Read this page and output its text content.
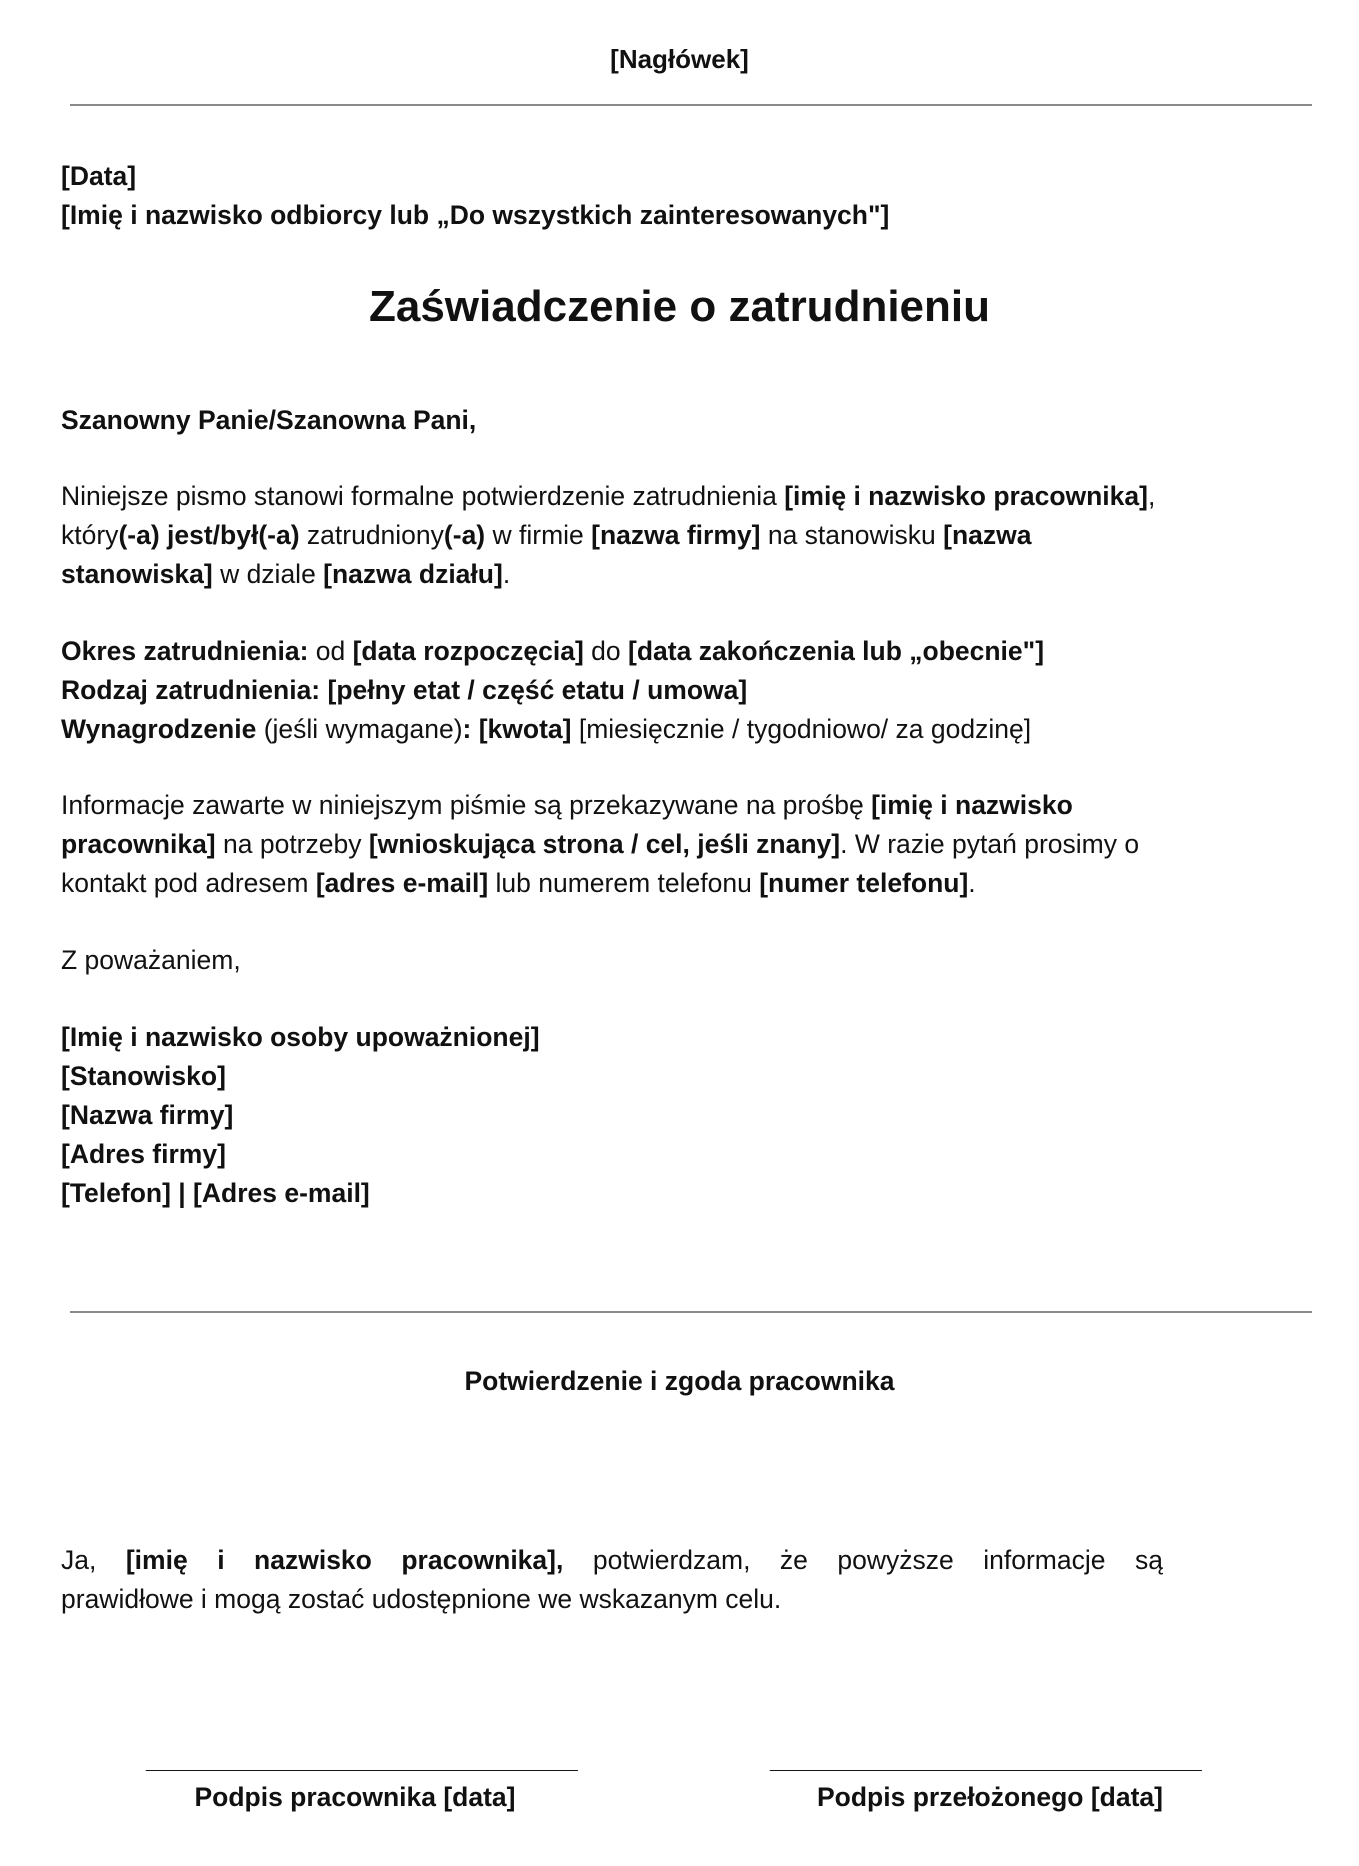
[Nagłówek]

[Data]

[Imię i nazwisko odbiorcy lub „Do wszystkich zainteresowanych"]

Zaświadczenie o zatrudnieniu

Szanowny Panie/Szanowna Pani,

Niniejsze pismo stanowi formalne potwierdzenie zatrudnienia [imię i nazwisko pracownika],

który(-a) jest/był(-a) zatrudniony(-a) w firmie [nazwa firmy] na stanowisku [nazwa

stanowiska] w dziale [nazwa działu].

Okres zatrudnienia: od [data rozpoczęcia] do [data zakończenia lub „obecnie"]

Rodzaj zatrudnienia: [pełny etat / część etatu / umowa]

Wynagrodzenie (jeśli wymagane): [kwota] [miesięcznie / tygodniowo/ za godzinę]

Informacje zawarte w niniejszym piśmie są przekazywane na prośbę [imię i nazwisko

pracownika] na potrzeby [wnioskująca strona / cel, jeśli znany]. W razie pytań prosimy o

kontakt pod adresem [adres e-mail] lub numerem telefonu [numer telefonu].

Z poważaniem,

[Imię i nazwisko osoby upoważnionej]

[Stanowisko]

[Nazwa firmy]

[Adres firmy]

[Telefon] | [Adres e-mail]

Potwierdzenie i zgoda pracownika

Ja, [imię i nazwisko pracownika], potwierdzam, że powyższe informacje są

prawidłowe i mogą zostać udostępnione we wskazanym celu.

________________________________	________________________________
Podpis pracownika [data]	Podpis przełożonego [data]
